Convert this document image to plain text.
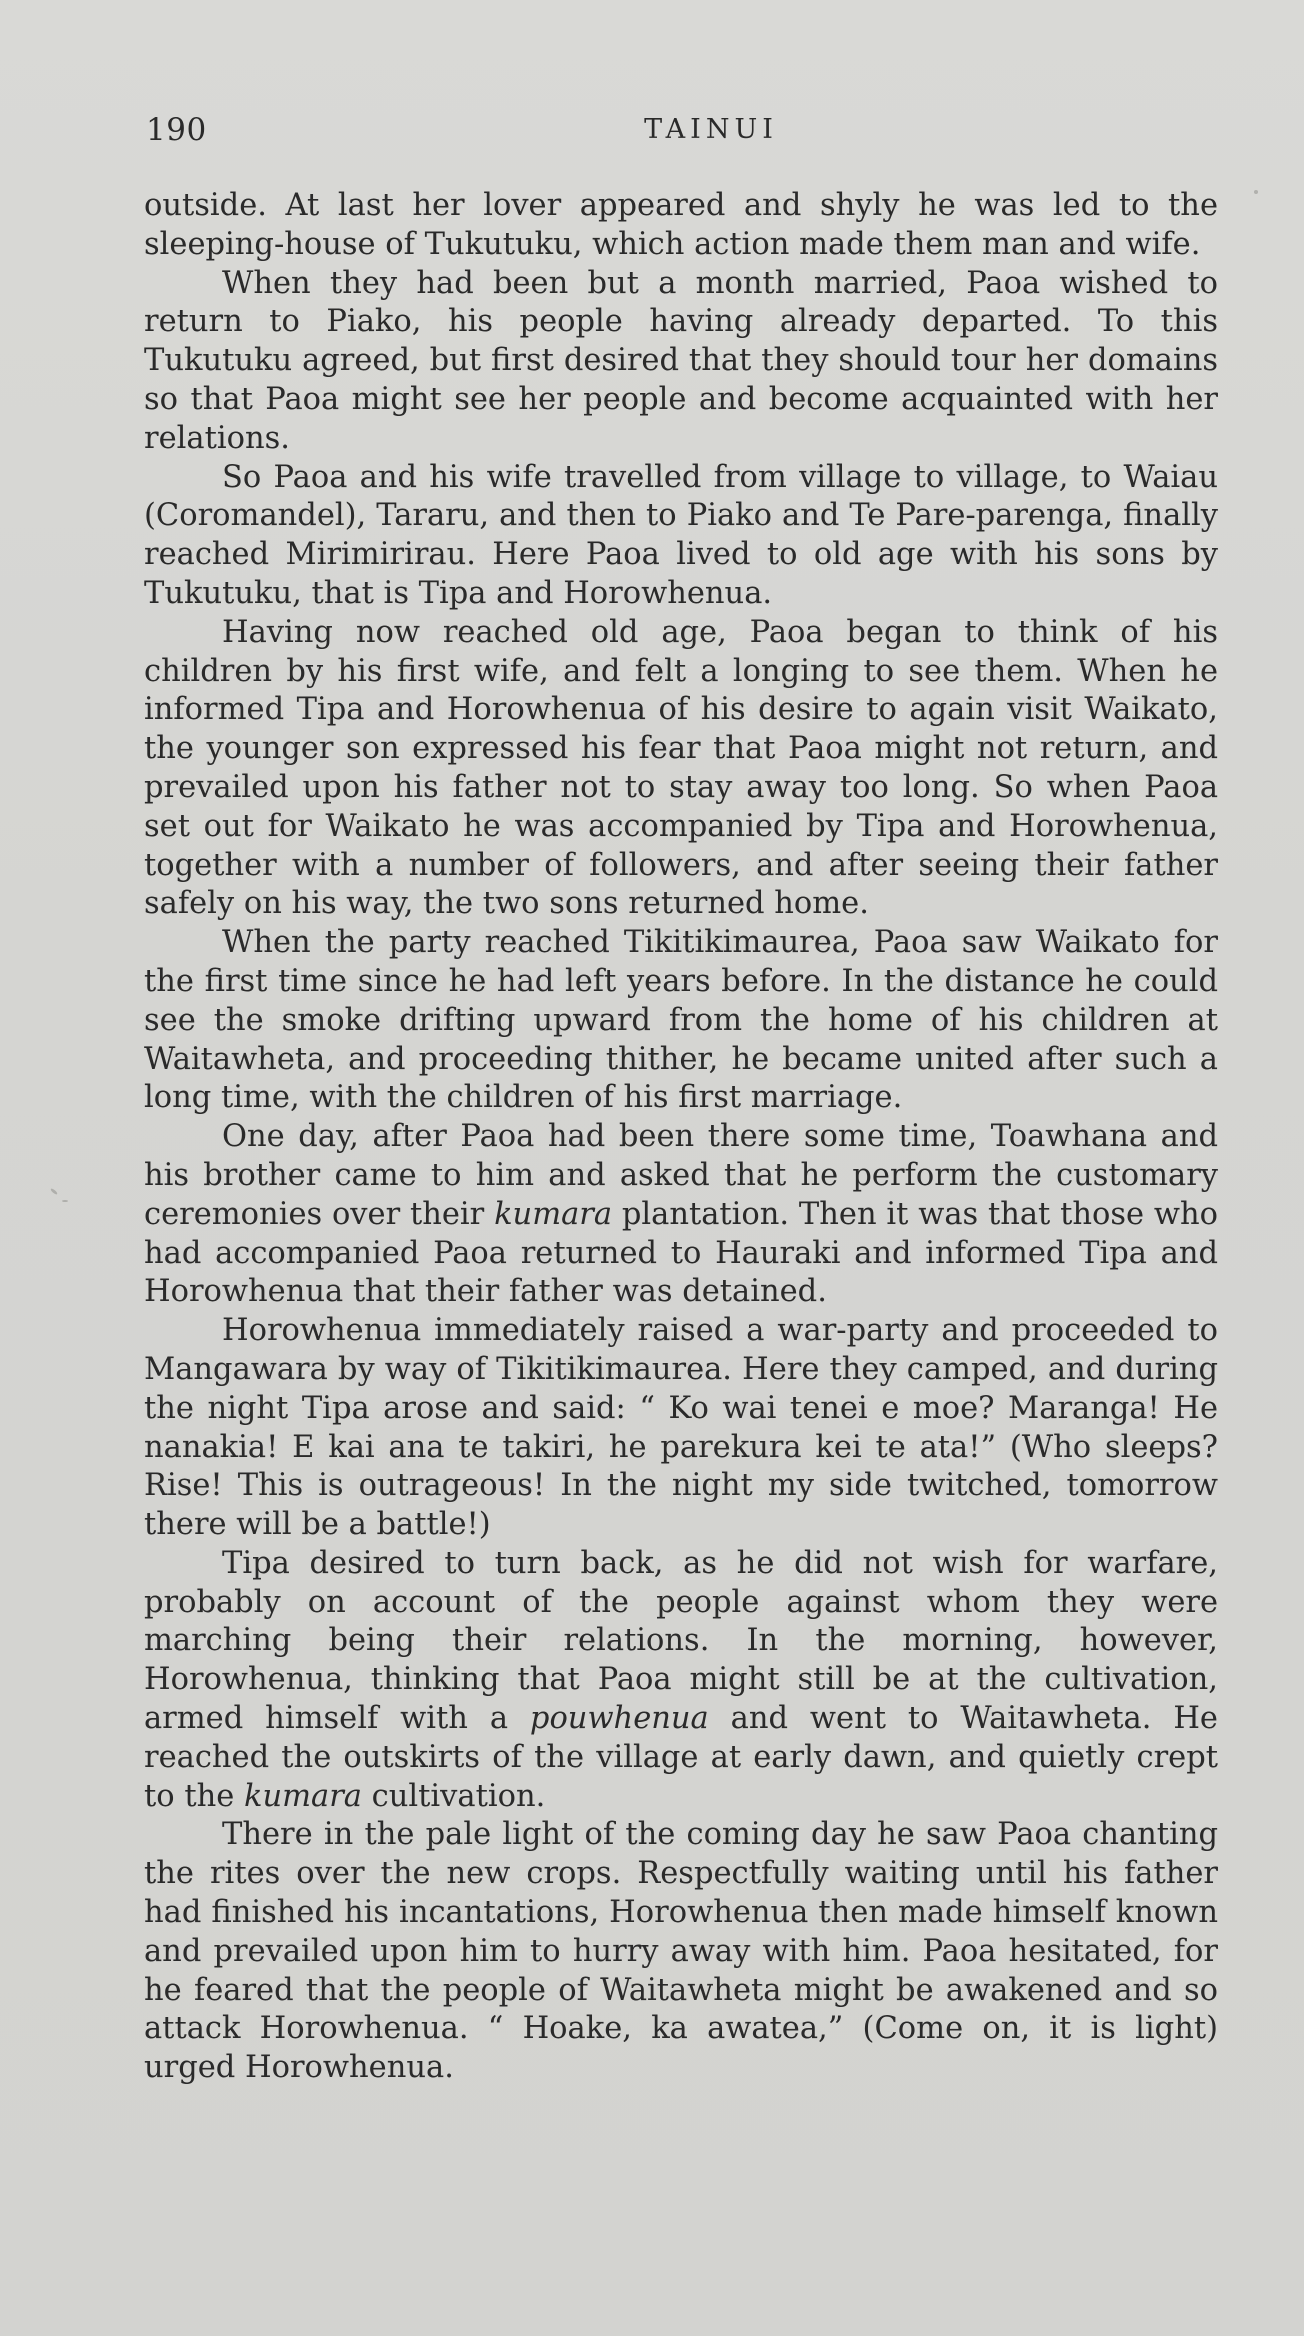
190	TAINUI

outside. At last her lover appeared and shyly he was led to the sleeping-house of Tukutuku, which action made them man and wife.

When they had been but a month married, Paoa wished to return to Piako, his people having already departed. To this Tukutuku agreed, but first desired that they should tour her domains so that Paoa might see her people and become acquainted with her relations.

So Paoa and his wife travelled from village to village, to Waiau (Coromandel), Tararu, and then to Piako and Te Pare-parenga, finally reached Mirimirirau. Here Paoa lived to old age with his sons by Tukutuku, that is Tipa and Horowhenua.

Having now reached old age, Paoa began to think of his children by his first wife, and felt a longing to see them. When he informed Tipa and Horowhenua of his desire to again visit Waikato, the younger son expressed his fear that Paoa might not return, and prevailed upon his father not to stay away too long. So when Paoa set out for Waikato he was accompanied by Tipa and Horowhenua, together with a number of followers, and after seeing their father safely on his way, the two sons returned home.

When the party reached Tikitikimaurea, Paoa saw Waikato for the first time since he had left years before. In the distance he could see the smoke drifting upward from the home of his children at Waitawheta, and proceeding thither, he became united after such a long time, with the children of his first marriage.

One day, after Paoa had been there some time, Toawhana and his brother came to him and asked that he perform the customary ceremonies over their kumara plantation. Then it was that those who had accompanied Paoa returned to Hauraki and informed Tipa and Horowhenua that their father was detained.

Horowhenua immediately raised a war-party and proceeded to Mangawara by way of Tikitikimaurea. Here they camped, and during the night Tipa arose and said: “ Ko wai tenei e moe? Maranga! He nanakia! E kai ana te takiri, he parekura kei te ata!” (Who sleeps? Rise! This is outrageous! In the night my side twitched, tomorrow there will be a battle!)

Tipa desired to turn back, as he did not wish for warfare, probably on account of the people against whom they were marching being their relations. In the morning, however, Horowhenua, thinking that Paoa might still be at the cultivation, armed himself with a pouwhenua and went to Waitawheta. He reached the outskirts of the village at early dawn, and quietly crept to the kumara cultivation.

There in the pale light of the coming day he saw Paoa chanting the rites over the new crops. Respectfully waiting until his father had finished his incantations, Horowhenua then made himself known and prevailed upon him to hurry away with him. Paoa hesitated, for he feared that the people of Waitawheta might be awakened and so attack Horowhenua. “ Hoake, ka awatea,” (Come on, it is light) urged Horowhenua.
